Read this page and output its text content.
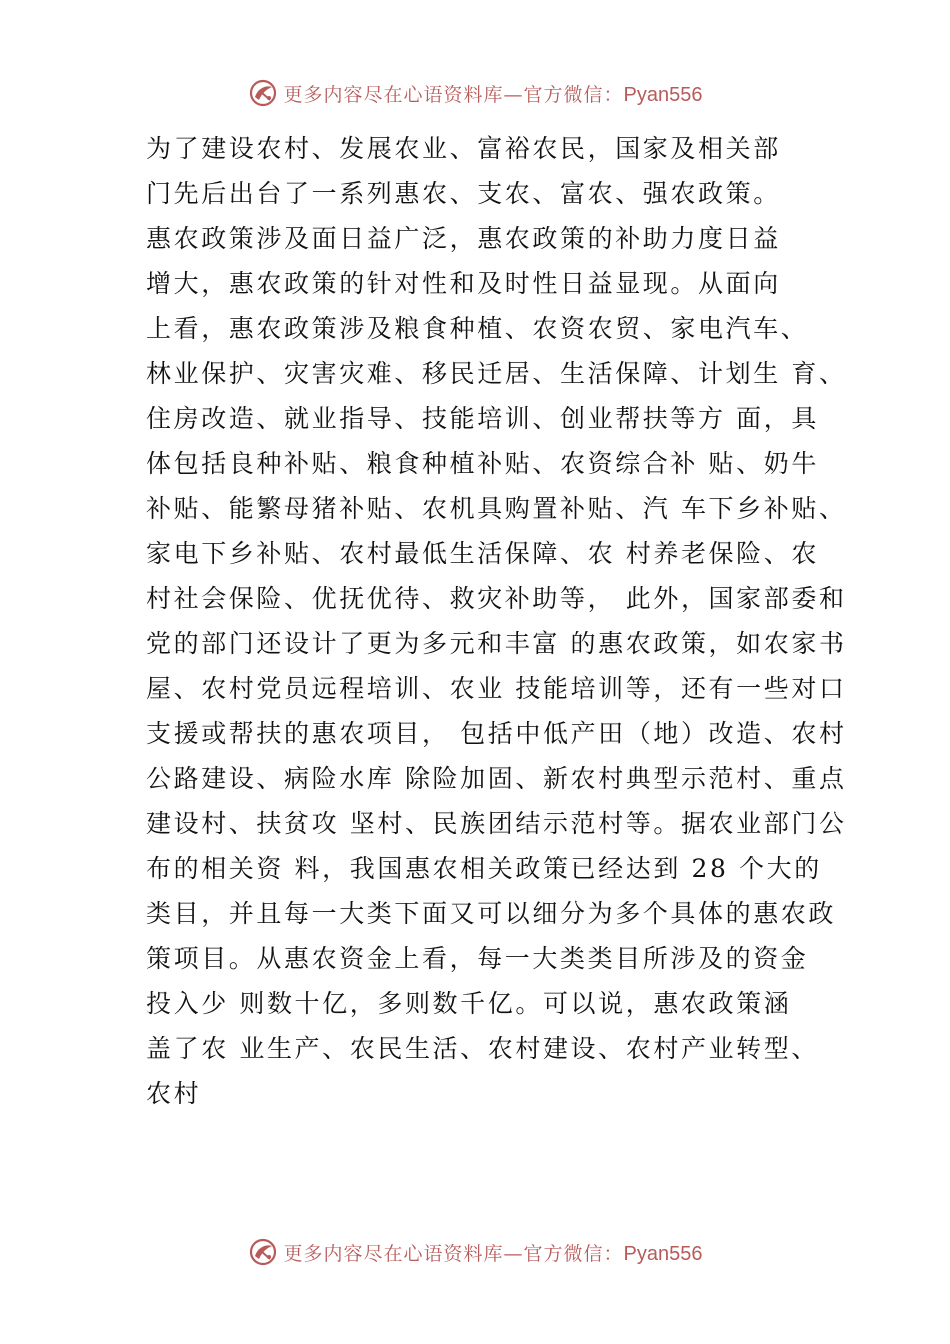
更多内容尽在心语资料库—官方微信：Pyan556
为了建设农村、发展农业、富裕农民，国家及相关部
门先后出台了一系列惠农、支农、富农、强农政策。
惠农政策涉及面日益广泛，惠农政策的补助力度日益
增大，惠农政策的针对性和及时性日益显现。从面向
上看，惠农政策涉及粮食种植、农资农贸、家电汽车、
林业保护、灾害灾难、移民迁居、生活保障、计划生 育、
住房改造、就业指导、技能培训、创业帮扶等方 面，具
体包括良种补贴、粮食种植补贴、农资综合补 贴、奶牛
补贴、能繁母猪补贴、农机具购置补贴、汽 车下乡补贴、
家电下乡补贴、农村最低生活保障、农 村养老保险、农
村社会保险、优抚优待、救灾补助等， 此外，国家部委和
党的部门还设计了更为多元和丰富 的惠农政策，如农家书
屋、农村党员远程培训、农业 技能培训等，还有一些对口
支援或帮扶的惠农项目， 包括中低产田（地）改造、农村
公路建设、病险水库 除险加固、新农村典型示范村、重点
建设村、扶贫攻 坚村、民族团结示范村等。据农业部门公
布的相关资 料，我国惠农相关政策已经达到 28 个大的
类目，并且每一大类下面又可以细分为多个具体的惠农政
策项目。从惠农资金上看，每一大类类目所涉及的资金
投入少 则数十亿，多则数千亿。可以说，惠农政策涵
盖了农 业生产、农民生活、农村建设、农村产业转型、
农村
更多内容尽在心语资料库—官方微信：Pyan556
